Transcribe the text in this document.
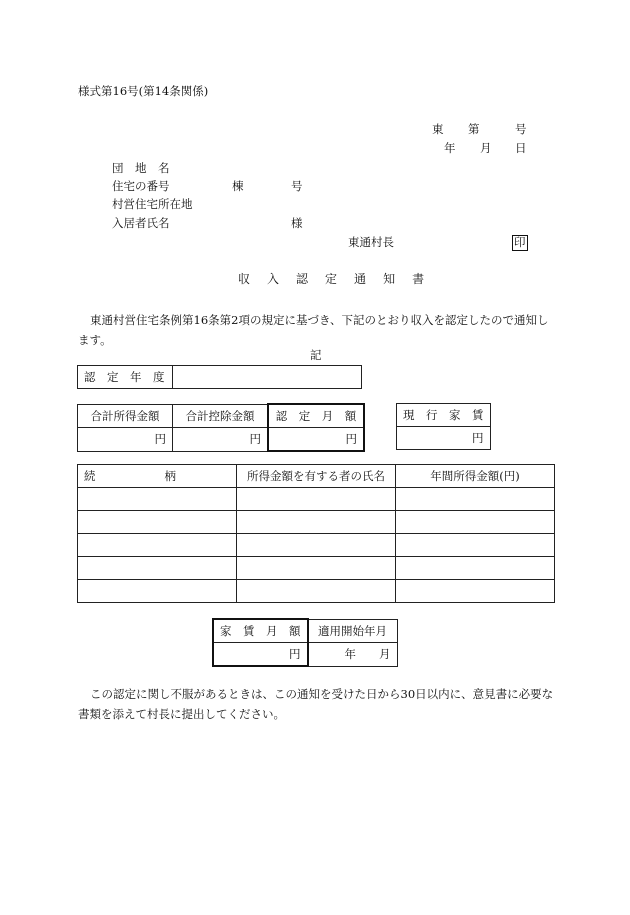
様式第16号(第14条関係)
東 第	号
年 月 日
団　地　名
住宅の番号	棟	号
村営住宅所在地
入居者氏名	様
東通村長	印
収 入 認 定 通 知 書
東通村営住宅条例第16条第2項の規定に基づき、下記のとおり収入を認定したので通知します。
記
認　定　年　度	
合計所得金額	合計控除金額	認　定　月　額
円	円	円
現　行　家　賃
円
続　　　　　　柄	所得金額を有する者の氏名	年間所得金額(円)

家　賃　月　額	適用開始年月
円	年　　月
この認定に関し不服があるときは、この通知を受けた日から30日以内に、意見書に必要な書類を添えて村長に提出してください。
